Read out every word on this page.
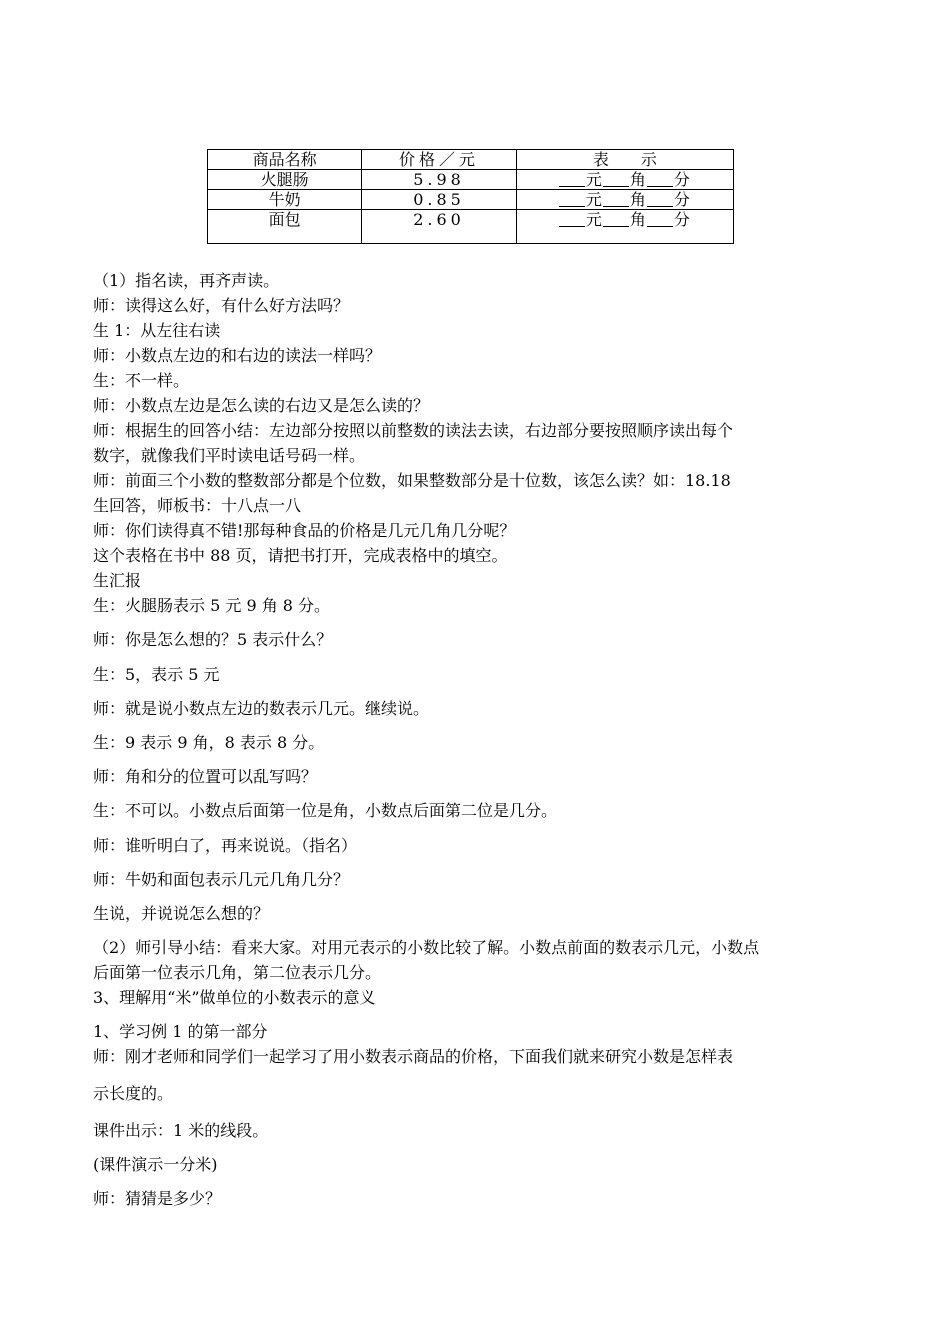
商品名称	价格／元	表　　示
火腿肠	5.98	元 角 分
牛奶	0.85	元 角 分
面包	2.60	元 角 分
（1）指名读，再齐声读。
师：读得这么好，有什么好方法吗？
生 1：从左往右读
师：小数点左边的和右边的读法一样吗？
生：不一样。
师：小数点左边是怎么读的右边又是怎么读的？
师：根据生的回答小结：左边部分按照以前整数的读法去读，右边部分要按照顺序读出每个
数字，就像我们平时读电话号码一样。
师：前面三个小数的整数部分都是个位数，如果整数部分是十位数，该怎么读？如：18.18
生回答，师板书：十八点一八
师：你们读得真不错!那每种食品的价格是几元几角几分呢？
这个表格在书中 88 页，请把书打开，完成表格中的填空。
生汇报
生：火腿肠表示 5 元 9 角 8 分。
师：你是怎么想的？5 表示什么？
生：5，表示 5 元
师：就是说小数点左边的数表示几元。继续说。
生：9 表示 9 角，8 表示 8 分。
师：角和分的位置可以乱写吗？
生：不可以。小数点后面第一位是角，小数点后面第二位是几分。
师：谁听明白了，再来说说。（指名）
师：牛奶和面包表示几元几角几分？
生说，并说说怎么想的？
（2）师引导小结：看来大家。对用元表示的小数比较了解。小数点前面的数表示几元，小数点
后面第一位表示几角，第二位表示几分。
3、理解用“米”做单位的小数表示的意义
1、学习例 1 的第一部分
师：刚才老师和同学们一起学习了用小数表示商品的价格，下面我们就来研究小数是怎样表
示长度的。
课件出示：1 米的线段。
(课件演示一分米)
师：猜猜是多少？
